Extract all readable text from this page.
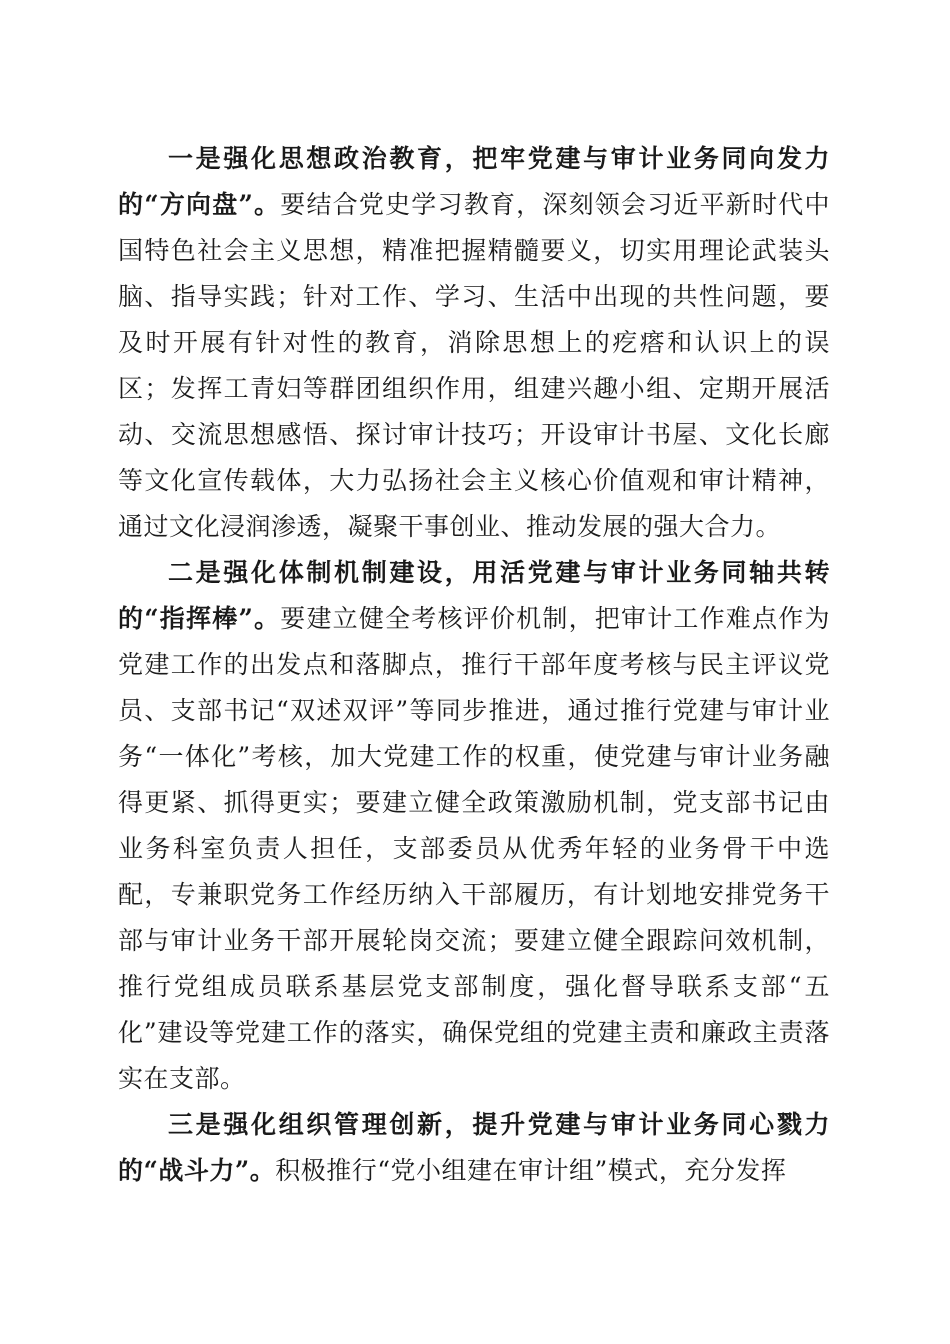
一是强化思想政治教育，把牢党建与审计业务同向发力的“方向盘”。要结合党史学习教育，深刻领会习近平新时代中国特色社会主义思想，精准把握精髓要义，切实用理论武装头脑、指导实践；针对工作、学习、生活中出现的共性问题，要及时开展有针对性的教育，消除思想上的疙瘩和认识上的误区；发挥工青妇等群团组织作用，组建兴趣小组、定期开展活动、交流思想感悟、探讨审计技巧；开设审计书屋、文化长廊等文化宣传载体，大力弘扬社会主义核心价值观和审计精神，通过文化浸润渗透，凝聚干事创业、推动发展的强大合力。

二是强化体制机制建设，用活党建与审计业务同轴共转的“指挥棒”。要建立健全考核评价机制，把审计工作难点作为党建工作的出发点和落脚点，推行干部年度考核与民主评议党员、支部书记“双述双评”等同步推进，通过推行党建与审计业务“一体化”考核，加大党建工作的权重，使党建与审计业务融得更紧、抓得更实；要建立健全政策激励机制，党支部书记由业务科室负责人担任，支部委员从优秀年轻的业务骨干中选配，专兼职党务工作经历纳入干部履历，有计划地安排党务干部与审计业务干部开展轮岗交流；要建立健全跟踪问效机制，推行党组成员联系基层党支部制度，强化督导联系支部“五化”建设等党建工作的落实，确保党组的党建主责和廉政主责落实在支部。

三是强化组织管理创新，提升党建与审计业务同心戮力的“战斗力”。积极推行“党小组建在审计组”模式，充分发挥
